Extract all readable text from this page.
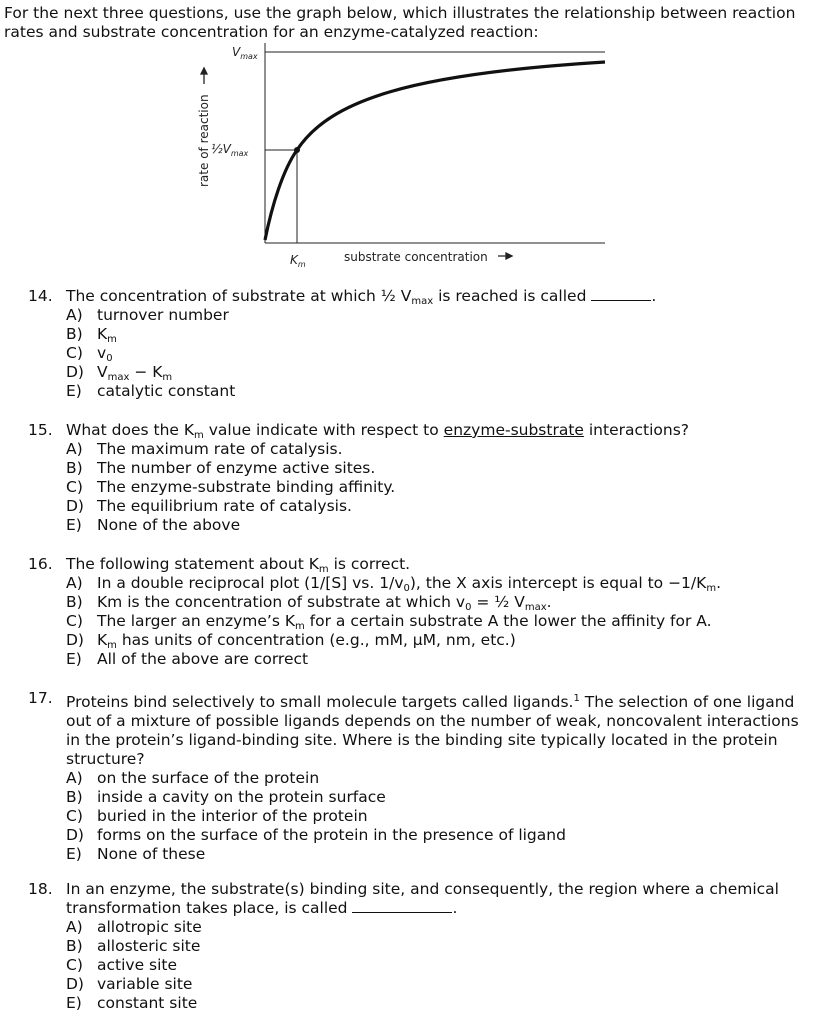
For the next three questions, use the graph below, which illustrates the relationship between reaction rates and substrate concentration for an enzyme-catalyzed reaction:
$V_{max}$
$\frac{1}{2}V_{max}$
$K_m$
substrate concentration
rate of reaction
14. The concentration of substrate at which ½ $V_{max}$ is reached is called	.
A) turnover number
B) $K_m$
C) $v_0$
D) $V_{max} - K_m$
E) catalytic constant
15. What does the $K_m$ value indicate with respect to enzyme-substrate interactions?
A) The maximum rate of catalysis.
B) The number of enzyme active sites.
C) The enzyme-substrate binding affinity.
D) The equilibrium rate of catalysis.
E) None of the above
16. The following statement about $K_m$ is correct.
A) In a double reciprocal plot (1/[S] vs. $1/v_0$), the X axis intercept is equal to $-1/K_m$.
B) Km is the concentration of substrate at which $v_0$ = ½ $V_{max}$.
C) The larger an enzyme’s $K_m$ for a certain substrate A the lower the affinity for A.
D) $K_m$ has units of concentration (e.g., mM, µM, nm, etc.)
E) All of the above are correct
17. Proteins bind selectively to small molecule targets called ligands.$^1$ The selection of one ligand out of a mixture of possible ligands depends on the number of weak, noncovalent interactions in the protein’s ligand-binding site. Where is the binding site typically located in the protein structure?
A) on the surface of the protein
B) inside a cavity on the protein surface
C) buried in the interior of the protein
D) forms on the surface of the protein in the presence of ligand
E) None of these
18. In an enzyme, the substrate(s) binding site, and consequently, the region where a chemical transformation takes place, is called	.
A) allotropic site
B) allosteric site
C) active site
D) variable site
E) constant site
